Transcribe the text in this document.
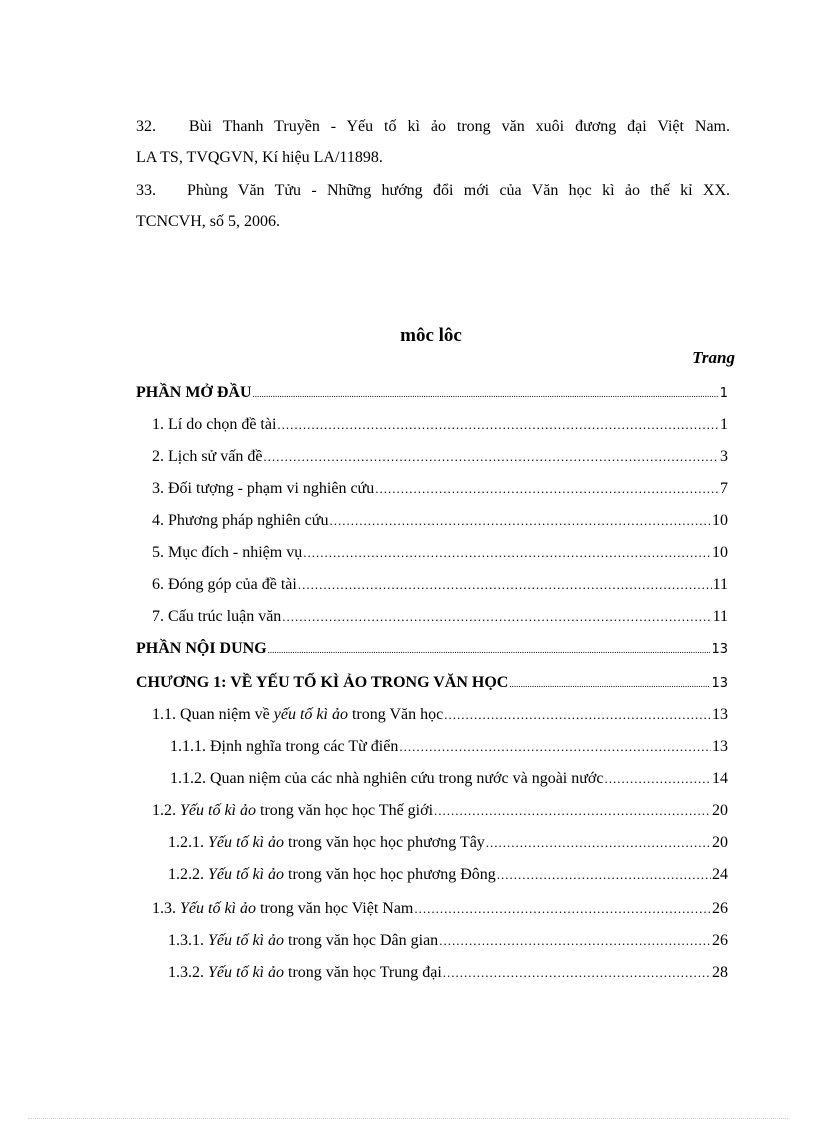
32. Bùi Thanh Truyền - Yếu tố kì ảo trong văn xuôi đương đại Việt Nam.
LA TS, TVQGVN, Kí hiệu LA/11898.
33. Phùng Văn Tửu - Những hướng đổi mới của Văn học kì ảo thế kỉ XX.
TCNCVH, số 5, 2006.
môc lôc
Trang
PHẦN MỞ ĐẦU .....	1
1. Lí do chọn đề tài .....	1
2. Lịch sử vấn đề .....	3
3. Đối tượng - phạm vi nghiên cứu .....	7
4. Phương pháp nghiên cứu .....	10
5. Mục đích - nhiệm vụ .....	10
6. Đóng góp của đề tài .....	11
7. Cấu trúc luận văn .....	11
PHẦN NỘI DUNG .....	13
CHƯƠNG 1: VỀ YẾU TỐ KÌ ẢO TRONG VĂN HỌC .....	13
1.1. Quan niệm về yếu tố kì ảo trong Văn học .....	13
1.1.1. Định nghĩa trong các Từ điển .....	13
1.1.2. Quan niệm của các nhà nghiên cứu trong nước và ngoài nước .....	14
1.2. Yếu tố kì ảo trong văn học học Thế giới .....	20
1.2.1. Yếu tố kì ảo trong văn học học phương Tây .....	20
1.2.2. Yếu tố kì ảo trong văn học học phương Đông .....	24
1.3. Yếu tố kì ảo trong văn học Việt Nam .....	26
1.3.1. Yếu tố kì ảo trong văn học Dân gian .....	26
1.3.2. Yếu tố kì ảo trong văn học Trung đại .....	28
